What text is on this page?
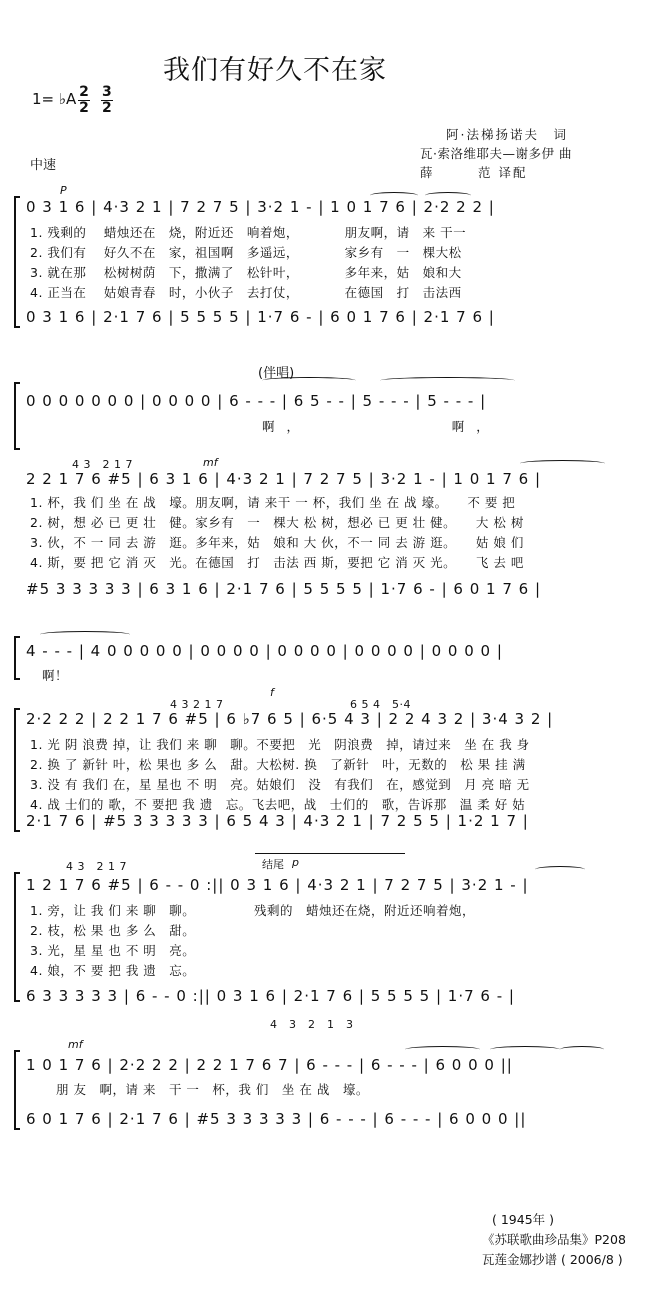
我们有好久不在家
1= ♭A $\frac{2}{2}$
$\frac{3}{2}$
阿·法梯扬诺夫　词
瓦·索洛维耶夫—谢多伊 曲
薛　　　范 译配
中速
P
0 3 1 6 | 4·3 2 1 | 7 2 7 5 | 3·2 1 - | 1 0 1 7 6 | 2·2 2 2 |
1. 残剩的　 蜡烛还在　烧，附近还　响着炮，　　　　朋友啊，请　来 干一
2. 我们有　 好久不在　家，祖国啊　多遥远，　　　　家乡有　一　棵大松
3. 就在那　 松树树荫　下，撒满了　松针叶，　　　　多年来，姑　娘和大
4. 正当在　 姑娘青春　时，小伙子　去打仗，　　　　在德国　打　击法西
0 3 1 6 | 2·1 7 6 | 5 5 5 5 | 1·7 6 - | 6 0 1 7 6 | 2·1 7 6 |
(伴唱)
0 0 0 0 0 0 0 | 0 0 0 0 | 6 - - - | 6 5 - - | 5 - - - | 5 - - - |
啊，　　　　　　啊，
mf
4 3　2 1 7
2 2 1 7 6 #5 | 6 3 1 6 | 4·3 2 1 | 7 2 7 5 | 3·2 1 - | 1 0 1 7 6 |
1. 杯，我 们 坐 在 战　壕。朋友啊，请 来干 一 杯，我们 坐 在 战 壕。　　不 要 把
2. 树，想 必 已 更 壮　健。家乡有　一　棵大 松 树，想必 已 更 壮 健。　　大 松 树
3. 伙，不 一 同 去 游　逛。多年来，姑　娘和 大 伙，不一 同 去 游 逛。　　姑 娘 们
4. 斯，要 把 它 消 灭　光。在德国　打　击法 西 斯，要把 它 消 灭 光。　　飞 去 吧
#5 3 3 3 3 3 | 6 3 1 6 | 2·1 7 6 | 5 5 5 5 | 1·7 6 - | 6 0 1 7 6 |
4 - - - | 4 0 0 0 0 0 | 0 0 0 0 | 0 0 0 0 | 0 0 0 0 | 0 0 0 0 |
啊！
f
4 3 2 1 7　　　　　　　　　　　6 5 4　5·4
2·2 2 2 | 2 2 1 7 6 #5 | 6 ♭7 6 5 | 6·5 4 3 | 2 2 4 3 2 | 3·4 3 2 |
1. 光 阴 浪费 掉，让 我们 来 聊　聊。不要把　光　阴浪费　掉，请过来　坐 在 我 身
2. 换 了 新针 叶，松 果也 多 么　甜。大松树. 换　了新针　叶，无数的　松 果 挂 满
3. 没 有 我们 在，星 星也 不 明　亮。姑娘们　没　有我们　在，感觉到　月 亮 暗 无
4. 战 士们的 歌，不 要把 我 遗　忘。飞去吧，战　士们的　歌，告诉那　温 柔 好 姑
2·1 7 6 | #5 3 3 3 3 3 | 6 5 4 3 | 4·3 2 1 | 7 2 5 5 | 1·2 1 7 |
结尾 p
4 3　2 1 7
1 2 1 7 6 #5 | 6 - - 0 :|| 0 3 1 6 | 4·3 2 1 | 7 2 7 5 | 3·2 1 - |
1. 旁，让 我 们 来 聊　聊。　　　　　残剩的　蜡烛还在烧，附近还响着炮，
2. 枝，松 果 也 多 么　甜。
3. 光，星 星 也 不 明　亮。
4. 娘，不 要 把 我 遗　忘。
6 3 3 3 3 3 | 6 - - 0 :|| 0 3 1 6 | 2·1 7 6 | 5 5 5 5 | 1·7 6 - |
mf
4　3　2　1　3
1 0 1 7 6 | 2·2 2 2 | 2 2 1 7 6 7 | 6 - - - | 6 - - - | 6 0 0 0 ||
　　朋 友　啊，请 来　干 一　杯，我 们　坐 在 战　壕。
6 0 1 7 6 | 2·1 7 6 | #5 3 3 3 3 3 | 6 - - - | 6 - - - | 6 0 0 0 ||
( 1945年 )
《苏联歌曲珍品集》P208
瓦莲金娜抄谱 ( 2006/8 )
